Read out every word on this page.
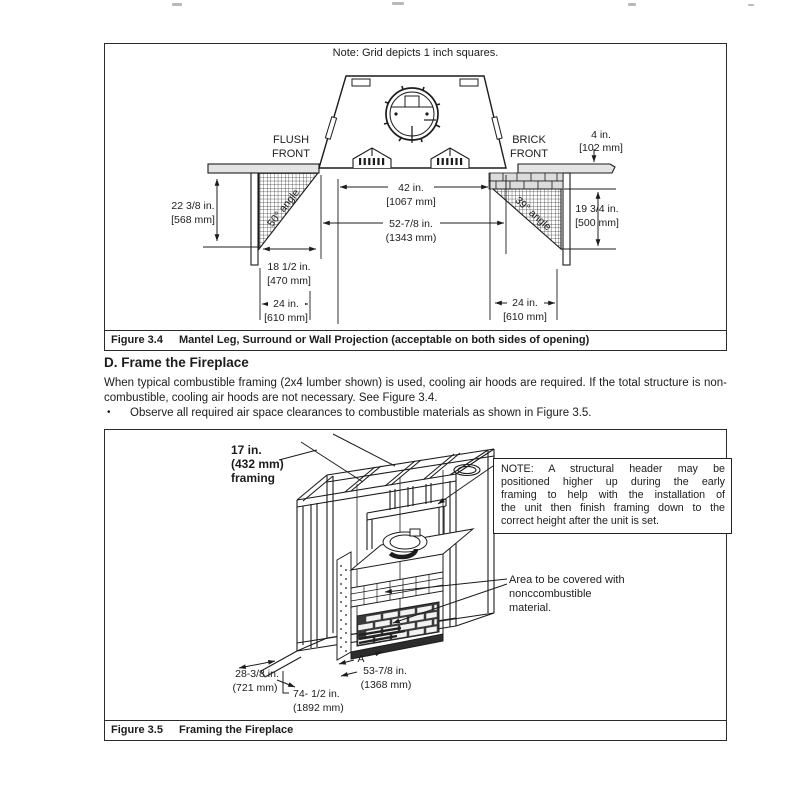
Note: Grid depicts 1 inch squares.
FLUSH
FRONT
BRICK
FRONT
50° angle	39° angle
22 3/8 in.
[568 mm]
18 1/2 in.
[470 mm]
24 in.
[610 mm]
42 in.
[1067 mm]
52-7/8 in.
(1343 mm)
4 in.
[102 mm]
19 3/4 in.
[500 mm]
24 in.
[610 mm]
Figure 3.4 Mantel Leg, Surround or Wall Projection (acceptable on both sides of opening)
D. Frame the Fireplace
When typical combustible framing (2x4 lumber shown) is used, cooling air hoods are required. If the total structure is non-
combustible, cooling air hoods are not necessary. See Figure 3.4.
• Observe all required air space clearances to combustible materials as shown in Figure 3.5.
17 in.
(432 mm)
framing
Area to be covered with
nonccombustible
material.
28-3/8 in.
(721 mm) 74- 1/2 in.
(1892 mm)
A
53-7/8 in.
(1368 mm)
NOTE: A structural header may be
positioned higher up during the early
framing to help with the installation of
the unit then finish framing down to the
correct height after the unit is set.
Figure 3.5 Framing the Fireplace
